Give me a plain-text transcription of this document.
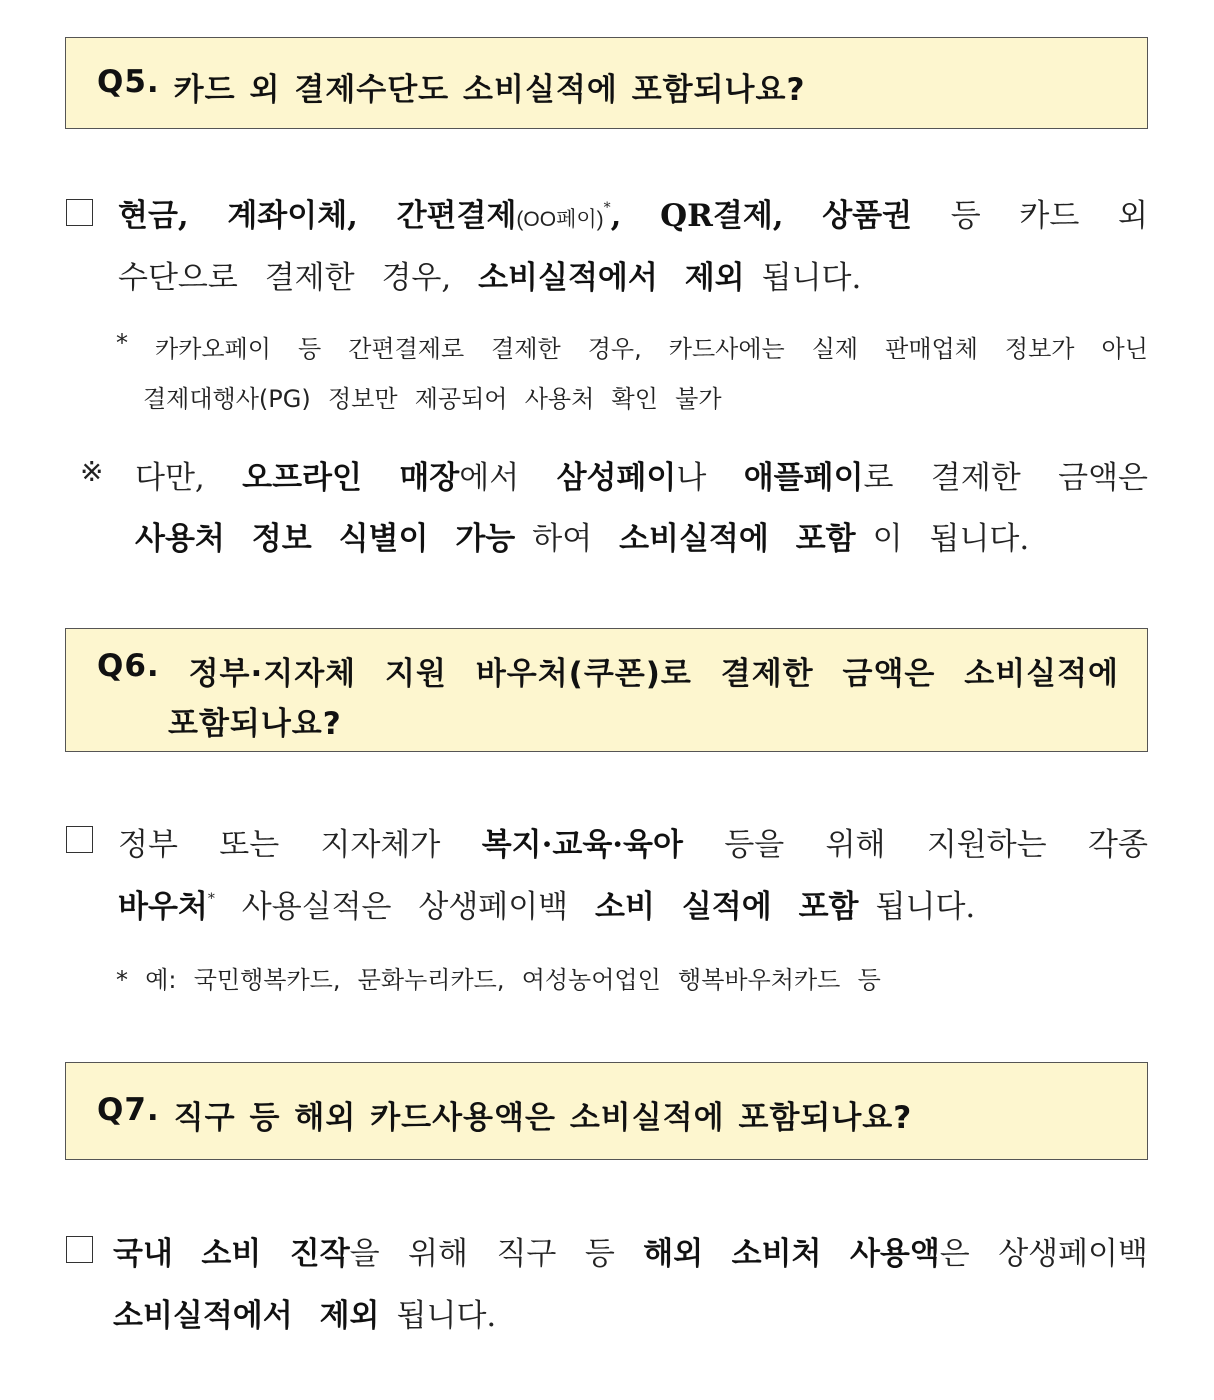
Q5. 카드 외 결제수단도 소비실적에 포함되나요?
현금, 계좌이체, 간편결제(OO페이)*, QR결제, 상품권 등 카드 외
수단으로 결제한 경우, 소비실적에서 제외 됩니다.
* 카카오페이 등 간편결제로 결제한 경우, 카드사에는 실제 판매업체 정보가 아닌
결제대행사(PG) 정보만 제공되어 사용처 확인 불가
※ 다만, 오프라인 매장에서 삼성페이나 애플페이로 결제한 금액은
사용처 정보 식별이 가능 하여 소비실적에 포함 이 됩니다.
Q6. 정부·지자체 지원 바우처(쿠폰)로 결제한 금액은 소비실적에
포함되나요?
정부 또는 지자체가 복지·교육·육아 등을 위해 지원하는 각종
바우처* 사용실적은 상생페이백 소비 실적에 포함 됩니다.
* 예: 국민행복카드, 문화누리카드, 여성농어업인 행복바우처카드 등
Q7. 직구 등 해외 카드사용액은 소비실적에 포함되나요?
국내 소비 진작을 위해 직구 등 해외 소비처 사용액은 상생페이백
소비실적에서 제외 됩니다.
